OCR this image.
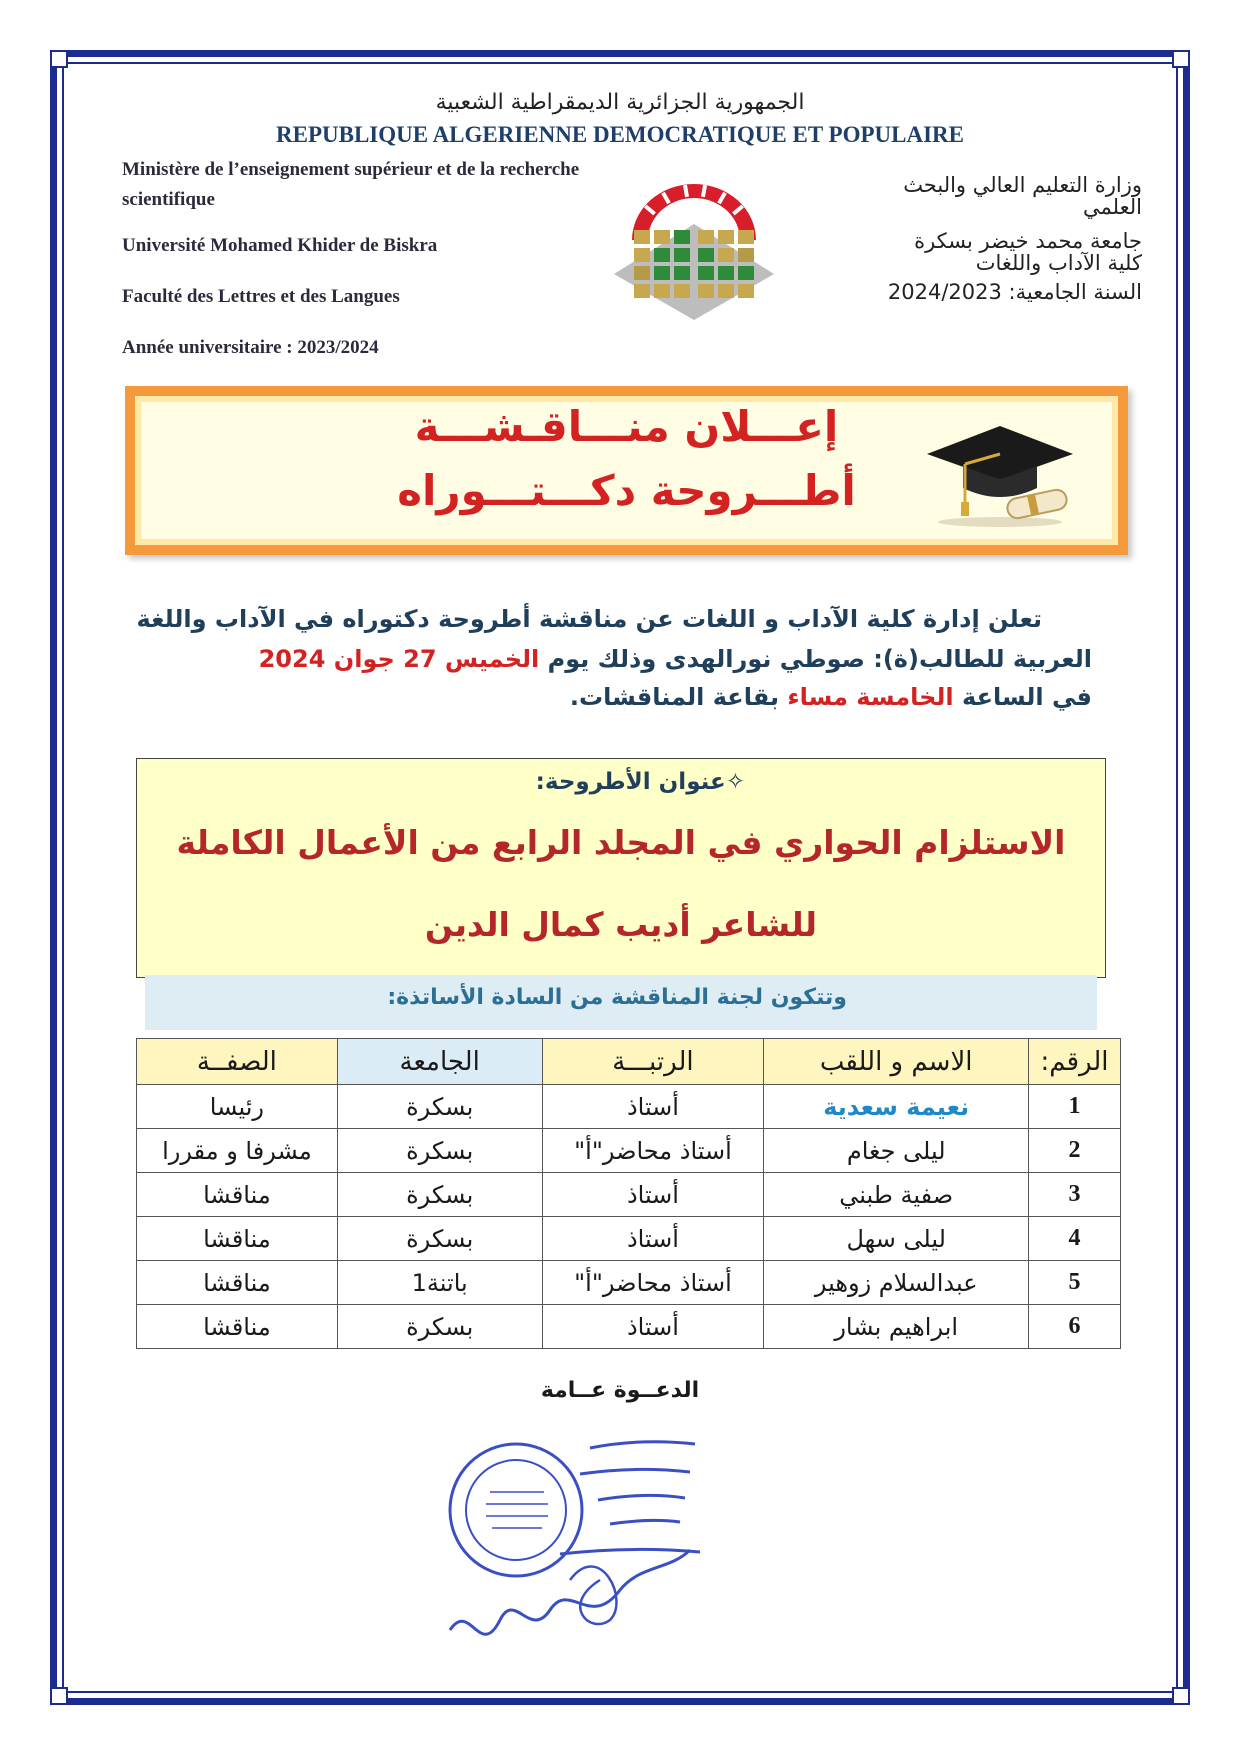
الجمهورية الجزائرية الديمقراطية الشعبية
REPUBLIQUE ALGERIENNE DEMOCRATIQUE ET POPULAIRE
Ministère de l’enseignement supérieur et de la recherche scientifique
Université Mohamed Khider de Biskra
Faculté des Lettres et des Langues
Année universitaire : 2023/2024
وزارة التعليم العالي والبحث العلمي
جامعة محمد خيضر بسكرة
كلية الآداب واللغات
السنة الجامعية: 2024/2023
إعـــلان منـــاقـشـــة
أطـــروحة دكـــتـــوراه
تعلن إدارة كلية الآداب و اللغات عن مناقشة أطروحة دكتوراه في الآداب واللغة
العربية للطالب(ة): صوطي نورالهدى وذلك يوم الخميس 27 جوان 2024
في الساعة الخامسة مساء بقاعة المناقشات.
✧عنوان الأطروحة:
الاستلزام الحواري في المجلد الرابع من الأعمال الكاملة
للشاعر أديب كمال الدين
وتتكون لجنة المناقشة من السادة الأساتذة:
الرقم:	الاسم و اللقب	الرتبـــة	الجامعة	الصفــة
1	نعيمة سعدية	أستاذ	بسكرة	رئيسا
2	ليلى جغام	أستاذ محاضر"أ"	بسكرة	مشرفا و مقررا
3	صفية طبني	أستاذ	بسكرة	مناقشا
4	ليلى سهل	أستاذ	بسكرة	مناقشا
5	عبدالسلام زوهير	أستاذ محاضر"أ"	باتنة1	مناقشا
6	ابراهيم بشار	أستاذ	بسكرة	مناقشا
الدعــوة عــامة
